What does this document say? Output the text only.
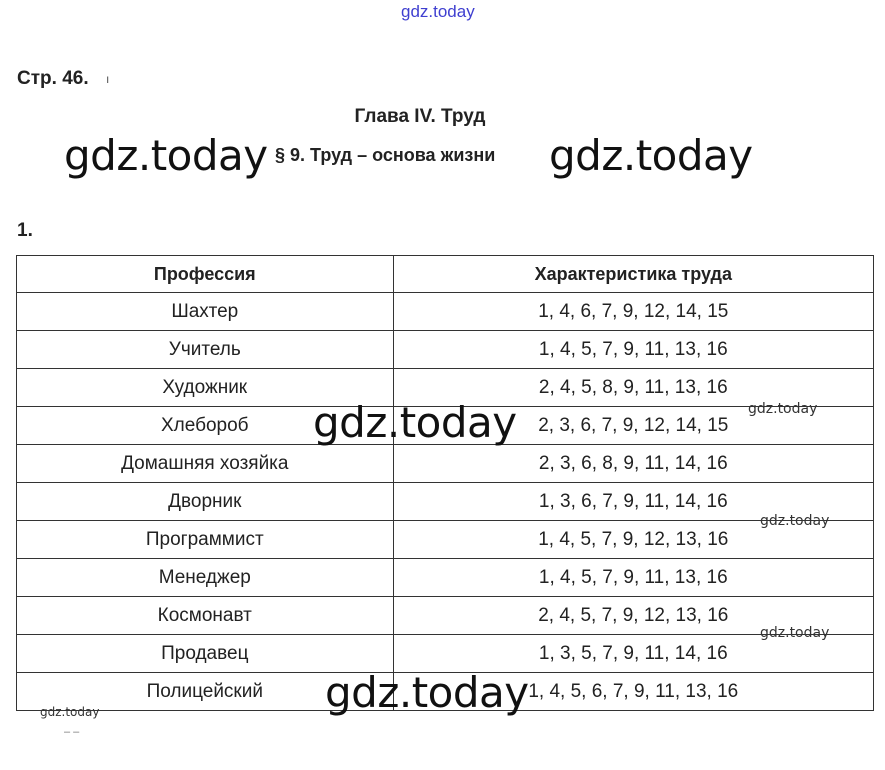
gdz.today
Стр. 46. ı
Глава IV. Труд
§ 9. Труд – основа жизни
1.
Профессия	Характеристика труда
Шахтер	1, 4, 6, 7, 9, 12, 14, 15
Учитель	1, 4, 5, 7, 9, 11, 13, 16
Художник	2, 4, 5, 8, 9, 11, 13, 16
Хлебороб	2, 3, 6, 7, 9, 12, 14, 15
Домашняя хозяйка	2, 3, 6, 8, 9, 11, 14, 16
Дворник	1, 3, 6, 7, 9, 11, 14, 16
Программист	1, 4, 5, 7, 9, 12, 13, 16
Менеджер	1, 4, 5, 7, 9, 11, 13, 16
Космонавт	2, 4, 5, 7, 9, 12, 13, 16
Продавец	1, 3, 5, 7, 9, 11, 14, 16
Полицейский	1, 4, 5, 6, 7, 9, 11, 13, 16
gdz.today	gdz.today
gdz.today
gdz.today
gdz.today
gdz.today
gdz.today
gdz.today
– –
